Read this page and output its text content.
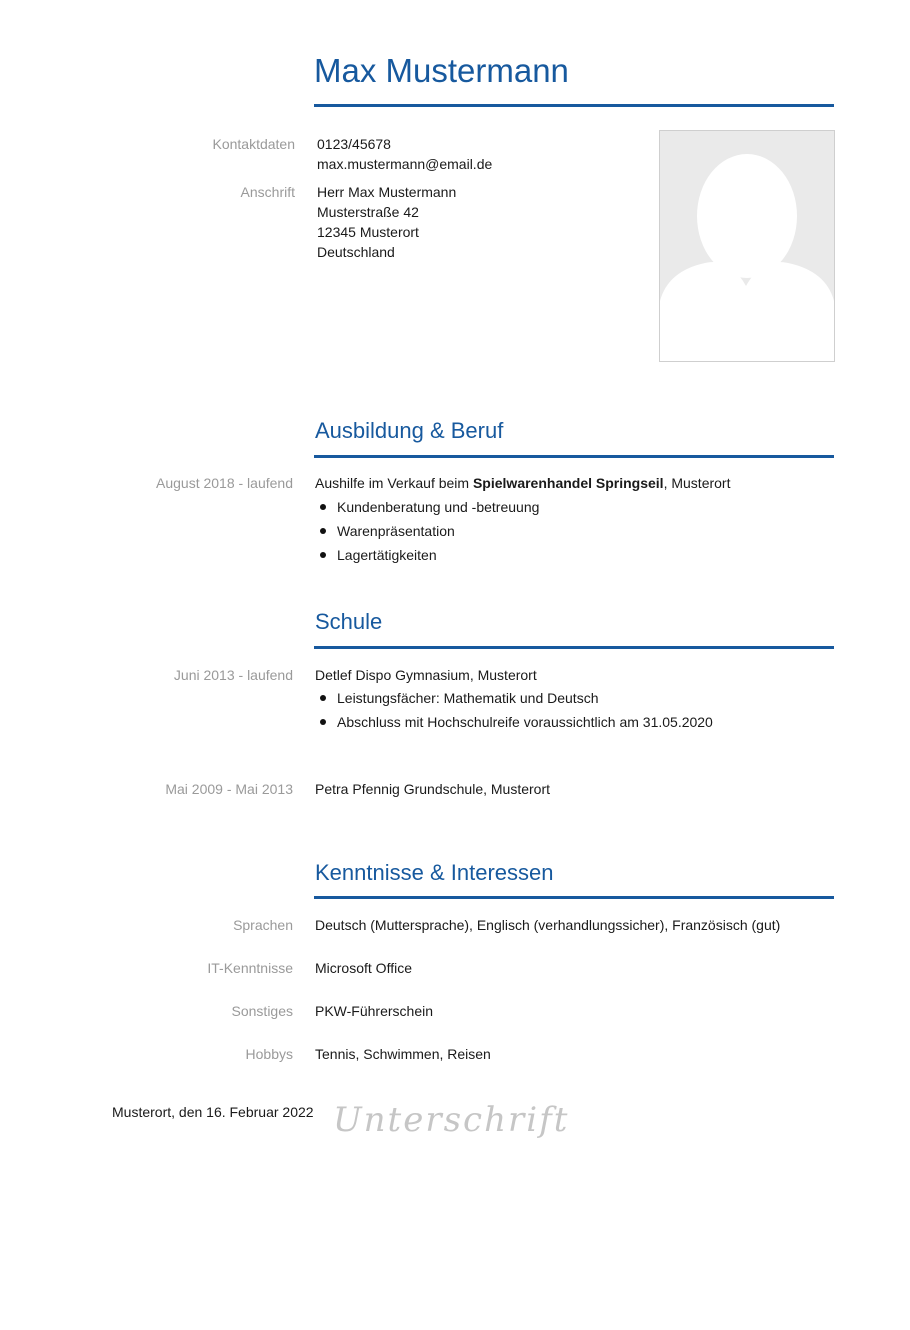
Max Mustermann
Kontaktdaten 0123/45678
max.mustermann@email.de
Anschrift Herr Max Mustermann
Musterstraße 42
12345 Musterort
Deutschland
Ausbildung & Beruf
August 2018 - laufend Aushilfe im Verkauf beim Spielwarenhandel Springseil, Musterort
Kundenberatung und -betreuung
Warenpräsentation
Lagertätigkeiten
Schule
Juni 2013 - laufend Detlef Dispo Gymnasium, Musterort
Leistungsfächer: Mathematik und Deutsch
Abschluss mit Hochschulreife voraussichtlich am 31.05.2020
Mai 2009 - Mai 2013 Petra Pfennig Grundschule, Musterort
Kenntnisse & Interessen
Sprachen Deutsch (Muttersprache), Englisch (verhandlungssicher), Französisch (gut)
IT-Kenntnisse Microsoft Office
Sonstiges PKW-Führerschein
Hobbys Tennis, Schwimmen, Reisen
Musterort, den 16. Februar 2022 Unterschrift
